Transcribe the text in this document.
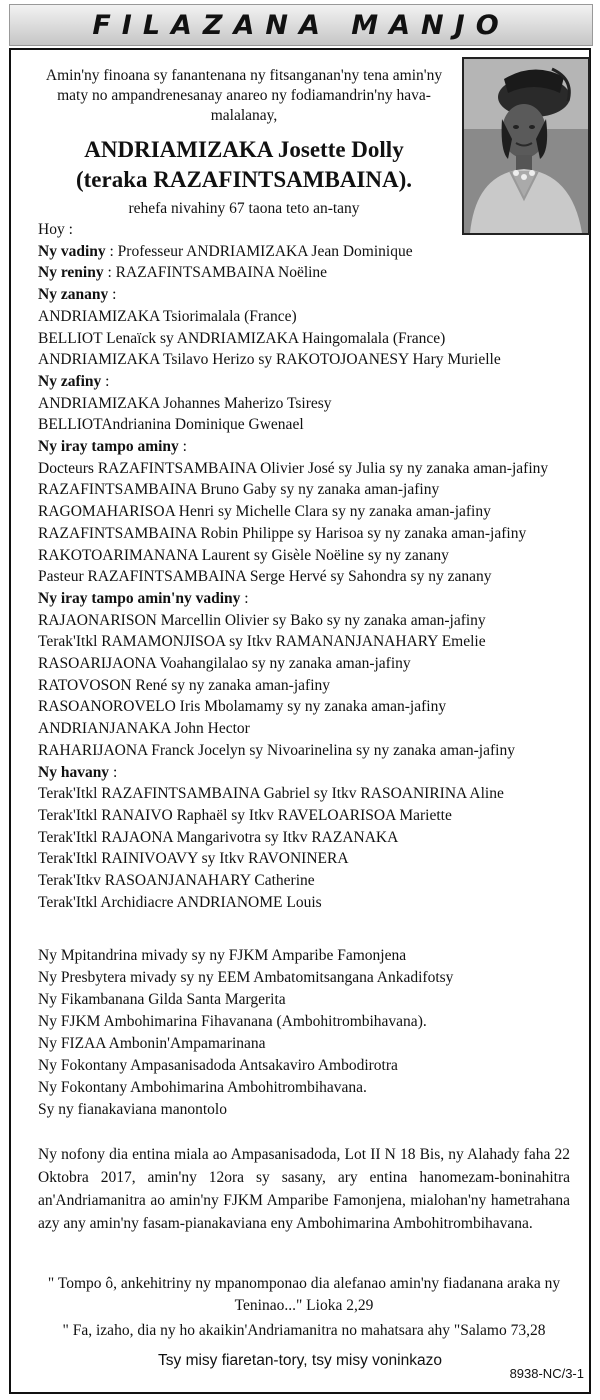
FILAZANA MANJO
Amin'ny finoana sy fanantenana ny fitsanganan'ny tena amin'ny maty no ampandrenesanay anareo ny fodiamandrin'ny hava-malalanay,
ANDRIAMIZAKA Josette Dolly
(teraka RAZAFINTSAMBAINA).
rehefa nivahiny 67 taona teto an-tany
Hoy :
Ny vadiny : Professeur ANDRIAMIZAKA Jean Dominique
Ny reniny : RAZAFINTSAMBAINA Noëline
Ny zanany :
ANDRIAMIZAKA Tsiorimalala (France)
BELLIOT Lenaïck sy ANDRIAMIZAKA Haingomalala (France)
ANDRIAMIZAKA Tsilavo Herizo sy RAKOTOJOANESY Hary Murielle
Ny zafiny :
ANDRIAMIZAKA Johannes Maherizo Tsiresy
BELLIOTAndrianina Dominique Gwenael
Ny iray tampo aminy :
Docteurs RAZAFINTSAMBAINA Olivier José sy Julia sy ny zanaka aman-jafiny
RAZAFINTSAMBAINA Bruno Gaby sy ny zanaka aman-jafiny
RAGOMAHARISOA Henri sy Michelle Clara sy ny zanaka aman-jafiny
RAZAFINTSAMBAINA Robin Philippe sy Harisoa sy ny zanaka aman-jafiny
RAKOTOARIMANANA Laurent sy Gisèle Noëline sy ny zanany
Pasteur RAZAFINTSAMBAINA Serge Hervé sy Sahondra sy ny zanany
Ny iray tampo amin'ny vadiny :
RAJAONARISON Marcellin Olivier sy Bako sy ny zanaka aman-jafiny
Terak'Itkl RAMAMONJISOA sy Itkv RAMANANJANAHARY Emelie
RASOARIJAONA Voahangilalao sy ny zanaka aman-jafiny
RATOVOSON René sy ny zanaka aman-jafiny
RASOANOROVELO Iris Mbolamamy sy ny zanaka aman-jafiny
ANDRIANJANAKA John Hector
RAHARIJAONA Franck Jocelyn sy Nivoarinelina sy ny zanaka aman-jafiny
Ny havany :
Terak'Itkl RAZAFINTSAMBAINA Gabriel sy Itkv RASOANIRINA Aline
Terak'Itkl RANAIVO Raphaël sy Itkv RAVELOARISOA Mariette
Terak'Itkl RAJAONA Mangarivotra sy Itkv RAZANAKA
Terak'Itkl RAINIVOAVY sy Itkv RAVONINERA
Terak'Itkv RASOANJANAHARY Catherine
Terak'Itkl Archidiacre ANDRIANOME Louis
Ny Mpitandrina mivady sy ny FJKM Amparibe Famonjena
Ny Presbytera mivady sy ny EEM Ambatomitsangana Ankadifotsy
Ny Fikambanana Gilda Santa Margerita
Ny FJKM Ambohimarina Fihavanana (Ambohitrombihavana).
Ny FIZAA Ambonin'Ampamarinana
Ny Fokontany Ampasanisadoda Antsakaviro Ambodirotra
Ny Fokontany Ambohimarina Ambohitrombihavana.
Sy ny fianakaviana manontolo
Ny nofony dia entina miala ao Ampasanisadoda, Lot II N 18 Bis, ny Alahady faha 22 Oktobra 2017, amin'ny 12ora sy sasany, ary entina hanomezam-boninahitra an'Andriamanitra ao amin'ny FJKM Amparibe Famonjena, mialohan'ny hametrahana azy any amin'ny fasam-pianakaviana eny Ambohimarina Ambohitrombihavana.
" Tompo ô, ankehitriny ny mpanomponao dia alefanao amin'ny fiadanana araka ny Teninao..." Lioka 2,29
" Fa, izaho, dia ny ho akaikin'Andriamanitra no mahatsara ahy "Salamo 73,28
Tsy misy fiaretan-tory, tsy misy voninkazo
8938-NC/3-1
